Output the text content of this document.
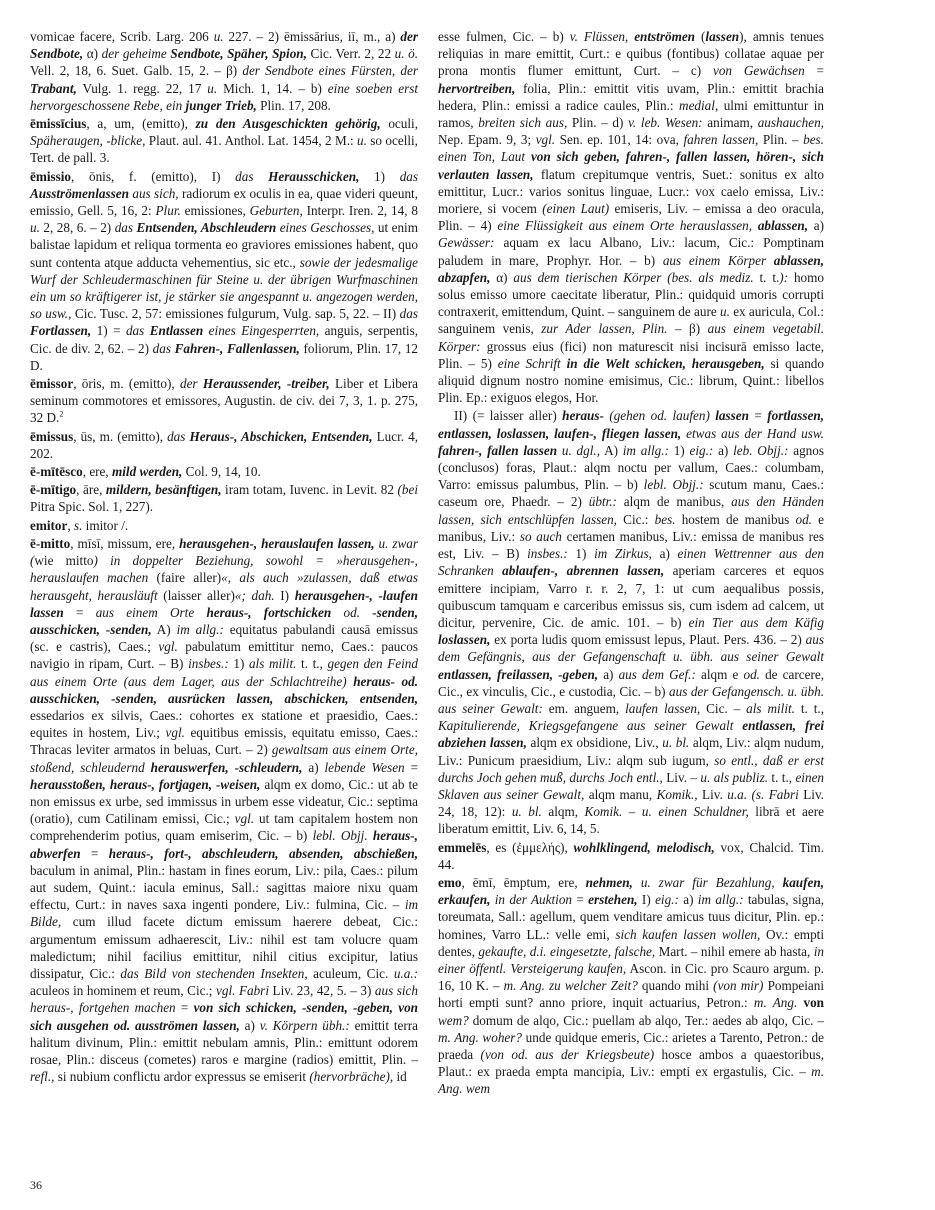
vomicae facere, Scrib. Larg. 206 u. 227. – 2) ēmissārius, iī, m., a) der Sendbote, α) der geheime Sendbote, Späher, Spion, Cic. Verr. 2, 22 u. ö. Vell. 2, 18, 6. Suet. Galb. 15, 2. – β) der Sendbote eines Fürsten, der Trabant, Vulg. 1. regg. 22, 17 u. Mich. 1, 14. – b) eine soeben erst hervorgeschossene Rebe, ein junger Trieb, Plin. 17, 208.

ēmissīcius, a, um, (emitto), zu den Ausgeschickten gehörig, oculi, Späheraugen, -blicke, Plaut. aul. 41. Anthol. Lat. 1454, 2 M.: u. so ocelli, Tert. de pall. 3.

ēmissio, ōnis, f. (emitto), I) das Herausschicken, 1) das Ausströmenlassen aus sich, radiorum ex oculis in ea, quae videri queunt, emissio, Gell. 5, 16, 2: Plur. emissiones, Geburten, Interpr. Iren. 2, 14, 8 u. 2, 28, 6. – 2) das Entsenden, Abschleudern eines Geschosses, ut enim balistae lapidum et reliqua tormenta eo graviores emissiones habent, quo sunt contenta atque adducta vehementius, sic etc., sowie der jedesmalige Wurf der Schleudermaschinen für Steine u. der übrigen Wurfmaschinen ein um so kräftigerer ist, je stärker sie angespannt u. angezogen werden, so usw., Cic. Tusc. 2, 57: emissiones fulgurum, Vulg. sap. 5, 22. – II) das Fortlassen, 1) = das Entlassen eines Eingesperrten, anguis, serpentis, Cic. de div. 2, 62. – 2) das Fahren-, Fallenlassen, foliorum, Plin. 17, 12 D.

ēmissor, ōris, m. (emitto), der Heraussender, -treiber, Liber et Libera seminum commotores et emissores, Augustin. de civ. dei 7, 3, 1. p. 275, 32 D.$^2$

ēmissus, ūs, m. (emitto), das Heraus-, Abschicken, Entsenden, Lucr. 4, 202.

ē-mītēsco, ere, mild werden, Col. 9, 14, 10.

ē-mītigo, āre, mildern, besänftigen, iram totam, Iuvenc. in Levit. 82 (bei Pitra Spic. Sol. 1, 227).

emitor, s. imitor /.

ē-mitto, mīsī, missum, ere, herausgehen-, herauslaufen lassen, u. zwar (wie mitto) in doppelter Beziehung, sowohl = »herausgehen-, herauslaufen machen (faire aller)«, als auch »zulassen, daß etwas herausgeht, herausläuft (laisser aller)«; dah. I) herausgehen-, -laufen lassen = aus einem Orte heraus-, fortschicken od. -senden, ausschicken, -senden, A) im allg.: equitatus pabulandi causā emissus (sc. e castris), Caes.; vgl. pabulatum emittitur nemo, Caes.: paucos navigio in ripam, Curt. – B) insbes.: 1) als milit. t. t., gegen den Feind aus einem Orte (aus dem Lager, aus der Schlachtreihe) heraus- od. ausschicken, -senden, ausrücken lassen, abschicken, entsenden, essedarios ex silvis, Caes.: cohortes ex statione et praesidio, Caes.: equites in hostem, Liv.; vgl. equitibus emissis, equitatu emisso, Caes.: Thracas leviter armatos in beluas, Curt. – 2) gewaltsam aus einem Orte, stoßend, schleudernd herauswerfen, -schleudern, a) lebende Wesen = herausstoßen, heraus-, fortjagen, -weisen, alqm ex domo, Cic.: ut ab te non emissus ex urbe, sed immissus in urbem esse videatur, Cic.: septima (oratio), cum Catilinam emissi, Cic.; vgl. ut tam capitalem hostem non comprehenderim potius, quam emiserim, Cic. – b) lebl. Objj. heraus-, abwerfen = heraus-, fort-, abschleudern, absenden, abschießen, baculum in animal, Plin.: hastam in fines eorum, Liv.: pila, Caes.: pilum aut sudem, Quint.: iacula eminus, Sall.: sagittas maiore nixu quam effectu, Curt.: in naves saxa ingenti pondere, Liv.: fulmina, Cic. – im Bilde, cum illud facete dictum emissum haerere debeat, Cic.: argumentum emissum adhaerescit, Liv.: nihil est tam volucre quam maledictum; nihil facilius emittitur, nihil citius excipitur, latius dissipatur, Cic.: das Bild von stechenden Insekten, aculeum, Cic. u.a.: aculeos in hominem et reum, Cic.; vgl. Fabri Liv. 23, 42, 5. – 3) aus sich heraus-, fortgehen machen = von sich schicken, -senden, -geben, von sich ausgehen od. ausströmen lassen, a) v. Körpern übh.: emittit terra halitum divinum, Plin.: emittit nebulam amnis, Plin.: emittunt odorem rosae, Plin.: disceus (cometes) raros e margine (radios) emittit, Plin. – refl., si nubium conflictu ardor expressus se emiserit (hervorbräche), id

esse fulmen, Cic. – b) v. Flüssen, entströmen (lassen), amnis tenues reliquias in mare emittit, Curt.: e quibus (fontibus) collatae aquae per prona montis flumer emittunt, Curt. – c) von Gewächsen = hervortreiben, folia, Plin.: emittit vitis uvam, Plin.: emittit brachia hedera, Plin.: emissi a radice caules, Plin.: medial, ulmi emittuntur in ramos, breiten sich aus, Plin. – d) v. leb. Wesen: animam, aushauchen, Nep. Epam. 9, 3; vgl. Sen. ep. 101, 14: ova, fahren lassen, Plin. – bes. einen Ton, Laut von sich geben, fahren-, fallen lassen, hören-, sich verlauten lassen, flatum crepitumque ventris, Suet.: sonitus ex alto emittitur, Lucr.: varios sonitus linguae, Lucr.: vox caelo emissa, Liv.: moriere, si vocem (einen Laut) emiseris, Liv. – emissa a deo oracula, Plin. – 4) eine Flüssigkeit aus einem Orte herauslassen, ablassen, a) Gewässer: aquam ex lacu Albano, Liv.: lacum, Cic.: Pomptinam paludem in mare, Prophyr. Hor. – b) aus einem Körper ablassen, abzapfen, α) aus dem tierischen Körper (bes. als mediz. t. t.): homo solus emisso umore caecitate liberatur, Plin.: quidquid umoris corrupti contraxerit, emittendum, Quint. – sanguinem de aure u. ex auricula, Col.: sanguinem venis, zur Ader lassen, Plin. – β) aus einem vegetabil. Körper: grossus eius (fici) non maturescit nisi incisurā emisso lacte, Plin. – 5) eine Schrift in die Welt schicken, herausgeben, si quando aliquid dignum nostro nomine emisimus, Cic.: librum, Quint.: libellos Plin. Ep.: exiguos elegos, Hor.

II) (= laisser aller) heraus- (gehen od. laufen) lassen = fortlassen, entlassen, loslassen, laufen-, fliegen lassen, etwas aus der Hand usw. fahren-, fallen lassen u. dgl., A) im allg.: 1) eig.: a) leb. Objj.: agnos (conclusos) foras, Plaut.: alqm noctu per vallum, Caes.: columbam, Varro: emissus palumbus, Plin. – b) lebl. Objj.: scutum manu, Caes.: caseum ore, Phaedr. – 2) übtr.: alqm de manibus, aus den Händen lassen, sich entschlüpfen lassen, Cic.: bes. hostem de manibus od. e manibus, Liv.: so auch certamen manibus, Liv.: emissa de manibus res est, Liv. – B) insbes.: 1) im Zirkus, a) einen Wettrenner aus den Schranken ablaufen-, abrennen lassen, aperiam carceres et equos emittere incipiam, Varro r. r. 2, 7, 1: ut cum aequalibus possis, quibuscum tamquam e carceribus emissus sis, cum isdem ad calcem, ut dicitur, pervenire, Cic. de amic. 101. – b) ein Tier aus dem Käfig loslassen, ex porta ludis quom emissust lepus, Plaut. Pers. 436. – 2) aus dem Gefängnis, aus der Gefangenschaft u. übh. aus seiner Gewalt entlassen, freilassen, -geben, a) aus dem Gef.: alqm e od. de carcere, Cic., ex vinculis, Cic., e custodia, Cic. – b) aus der Gefangensch. u. übh. aus seiner Gewalt: em. anguem, laufen lassen, Cic. – als milit. t. t., Kapitulierende, Kriegsgefangene aus seiner Gewalt entlassen, frei abziehen lassen, alqm ex obsidione, Liv., u. bl. alqm, Liv.: alqm nudum, Liv.: Punicum praesidium, Liv.: alqm sub iugum, so entl., daß er erst durchs Joch gehen muß, durchs Joch entl., Liv. – u. als publiz. t. t., einen Sklaven aus seiner Gewalt, alqm manu, Komik., Liv. u.a. (s. Fabri Liv. 24, 18, 12): u. bl. alqm, Komik. – u. einen Schuldner, librā et aere liberatum emittit, Liv. 6, 14, 5.

emmelēs, es (ἐμμελής), wohlklingend, melodisch, vox, Chalcid. Tim. 44.

emo, ēmī, ēmptum, ere, nehmen, u. zwar für Bezahlung, kaufen, erkaufen, in der Auktion = erstehen, I) eig.: a) im allg.: tabulas, signa, toreumata, Sall.: agellum, quem venditare amicus tuus dicitur, Plin. ep.: homines, Varro LL.: velle emi, sich kaufen lassen wollen, Ov.: empti dentes, gekaufte, d.i. eingesetzte, falsche, Mart. – nihil emere ab hasta, in einer öffentl. Versteigerung kaufen, Ascon. in Cic. pro Scauro argum. p. 16, 10 K. – m. Ang. zu welcher Zeit? quando mihi (von mir) Pompeiani horti empti sunt? anno priore, inquit actuarius, Petron.: m. Ang. von wem? domum de alqo, Cic.: puellam ab alqo, Ter.: aedes ab alqo, Cic. – m. Ang. woher? unde quidque emeris, Cic.: arietes a Tarento, Petron.: de praeda (von od. aus der Kriegsbeute) hosce ambos a quaestoribus, Plaut.: ex praeda empta mancipia, Liv.: empti ex ergastulis, Cic. – m. Ang. wem

36
